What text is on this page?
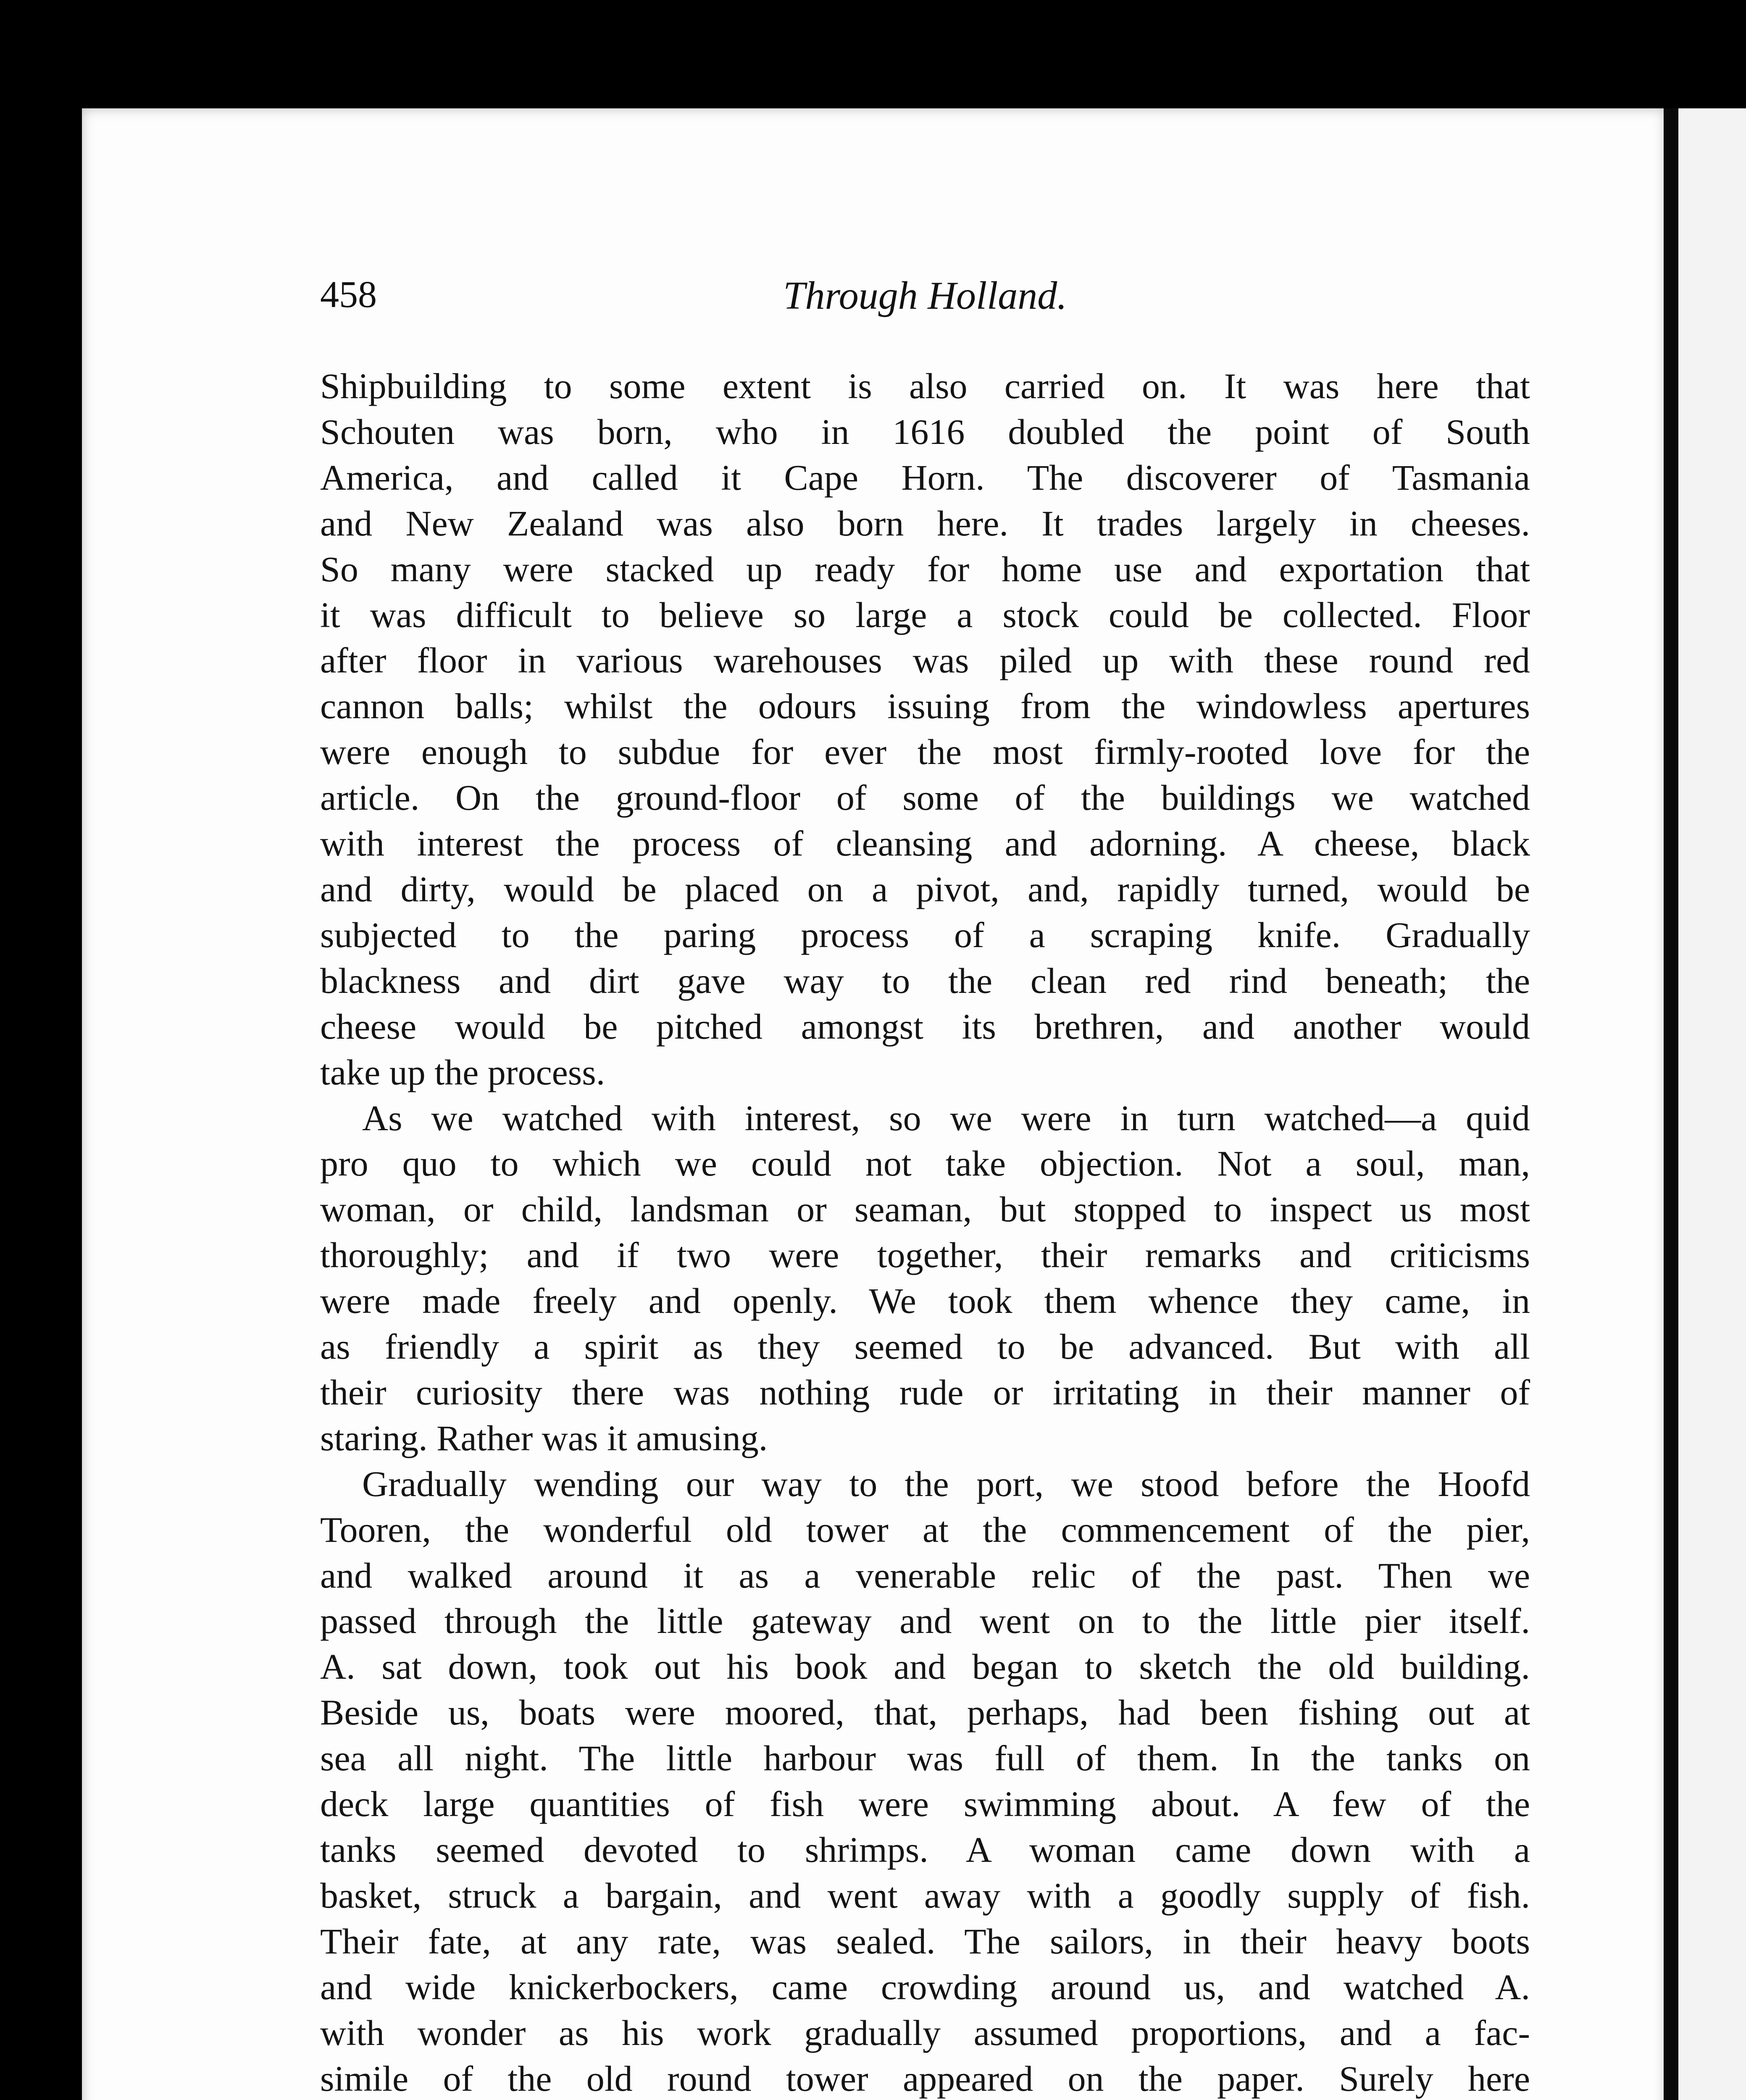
458	Through Holland.
Shipbuilding to some extent is also carried on. It was here that
Schouten was born, who in 1616 doubled the point of South
America, and called it Cape Horn. The discoverer of Tasmania
and New Zealand was also born here. It trades largely in cheeses.
So many were stacked up ready for home use and exportation that
it was difficult to believe so large a stock could be collected. Floor
after floor in various warehouses was piled up with these round red
cannon balls; whilst the odours issuing from the windowless apertures
were enough to subdue for ever the most firmly-rooted love for the
article. On the ground-floor of some of the buildings we watched
with interest the process of cleansing and adorning. A cheese, black
and dirty, would be placed on a pivot, and, rapidly turned, would be
subjected to the paring process of a scraping knife. Gradually
blackness and dirt gave way to the clean red rind beneath; the
cheese would be pitched amongst its brethren, and another would
take up the process.
As we watched with interest, so we were in turn watched—a quid
pro quo to which we could not take objection. Not a soul, man,
woman, or child, landsman or seaman, but stopped to inspect us most
thoroughly; and if two were together, their remarks and criticisms
were made freely and openly. We took them whence they came, in
as friendly a spirit as they seemed to be advanced. But with all
their curiosity there was nothing rude or irritating in their manner of
staring. Rather was it amusing.
Gradually wending our way to the port, we stood before the Hoofd
Tooren, the wonderful old tower at the commencement of the pier,
and walked around it as a venerable relic of the past. Then we
passed through the little gateway and went on to the little pier itself.
A. sat down, took out his book and began to sketch the old building.
Beside us, boats were moored, that, perhaps, had been fishing out at
sea all night. The little harbour was full of them. In the tanks on
deck large quantities of fish were swimming about. A few of the
tanks seemed devoted to shrimps. A woman came down with a
basket, struck a bargain, and went away with a goodly supply of fish.
Their fate, at any rate, was sealed. The sailors, in their heavy boots
and wide knickerbockers, came crowding around us, and watched A.
with wonder as his work gradually assumed proportions, and a fac-
simile of the old round tower appeared on the paper. Surely here
